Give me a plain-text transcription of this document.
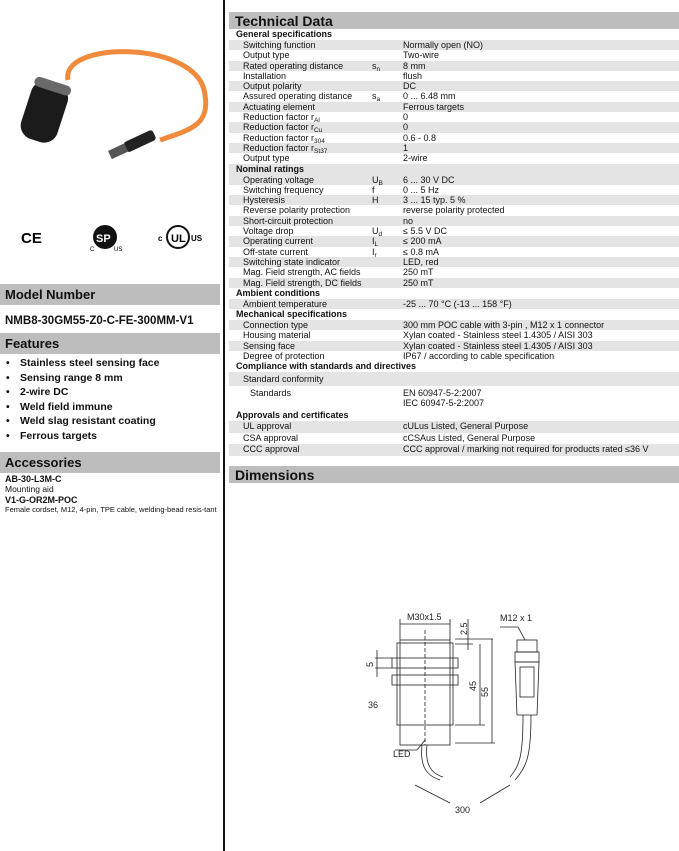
CE	SP
C	US
UL
c	US
Model Number
NMB8-30GM55-Z0-C-FE-300MM-V1
Features
• Stainless steel sensing face
• Sensing range 8 mm
• 2-wire DC
• Weld field immune
• Weld slag resistant coating
• Ferrous targets
Accessories
AB-30-L3M-C
Mounting aid
V1-G-OR2M-POC
Female cordset, M12, 4-pin, TPE cable, welding-bead resis-tant
Technical Data
General specifications
Switching function	Normally open (NO)
Output type	Two-wire
Rated operating distance	$s_n$	8 mm
Installation	flush
Output polarity	DC
Assured operating distance	$s_a$	0 ... 6.48 mm
Actuating element	Ferrous targets
Reduction factor $r_{Al}$	0
Reduction factor $r_{Cu}$	0
Reduction factor $r_{304}$	0.6 - 0.8
Reduction factor $r_{St37}$	1
Output type	2-wire
Nominal ratings
Operating voltage	$U_B$	6 ... 30 V DC
Switching frequency	f	0 ... 5 Hz
Hysteresis	H	3 ... 15 typ. 5 %
Reverse polarity protection	reverse polarity protected
Short-circuit protection	no
Voltage drop	$U_d$	≤ 5.5 V DC
Operating current	$I_L$	≤ 200 mA
Off-state current	$I_r$	≤ 0.8 mA
Switching state indicator	LED, red
Mag. Field strength, AC fields	250 mT
Mag. Field strength, DC fields	250 mT
Ambient conditions
Ambient temperature	-25 ... 70 °C (-13 ... 158 °F)
Mechanical specifications
Connection type	300 mm POC cable with 3-pin , M12 x 1 connector
Housing material	Xylan coated - Stainless steel 1.4305 / AISI 303
Sensing face	Xylan coated - Stainless steel 1.4305 / AISI 303
Degree of protection	IP67 / according to cable specification
Compliance with standards and directives
Standard conformity
Standards	EN 60947-5-2:2007
IEC 60947-5-2:2007
Approvals and certificates
UL approval	cULus Listed, General Purpose
CSA approval	cCSAus Listed, General Purpose
CCC approval	CCC approval / marking not required for products rated ≤36 V
Dimensions
M30x1.5	M12 x 1
2.5
5
45
55
36
LED
300
